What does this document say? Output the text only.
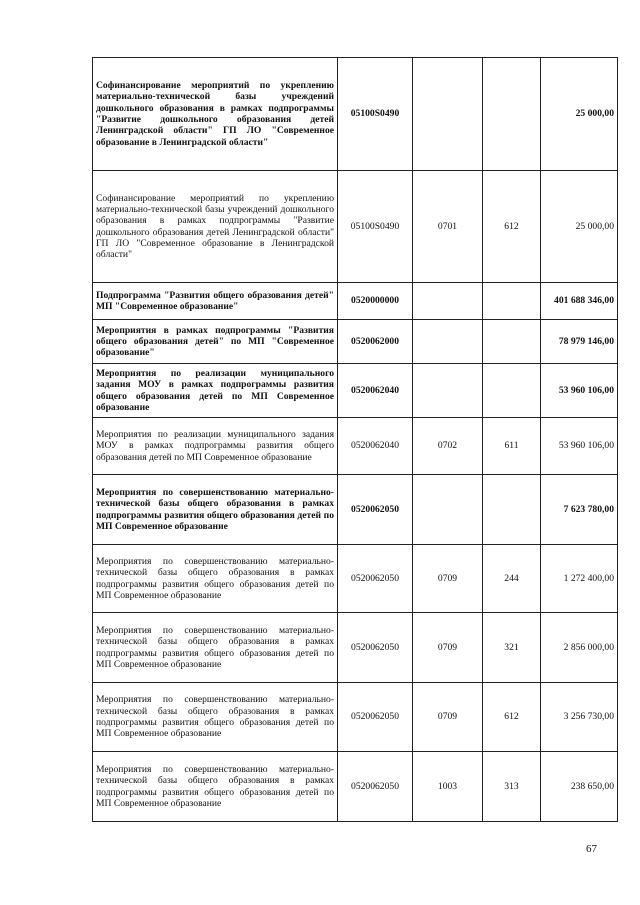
Софинансирование мероприятий по укреплению материально-технической базы учреждений дошкольного образования в рамках подпрограммы "Развитие дошкольного образования детей Ленинградской области" ГП ЛО "Современное образование в Ленинградской области"	05100S0490			25 000,00
Софинансирование мероприятий по укреплению материально-технической базы учреждений дошкольного образования в рамках подпрограммы "Развитие дошкольного образования детей Ленинградской области" ГП ЛО "Современное образование в Ленинградской области"	05100S0490	0701	612	25 000,00
Подпрограмма "Развития общего образования детей" МП "Современное образование"	0520000000			401 688 346,00
Мероприятия в рамках подпрограммы "Развития общего образования детей" по МП "Современное образование"	0520062000			78 979 146,00
Мероприятия по реализации муниципального задания МОУ в рамках подпрограммы развития общего образования детей по МП Современное образование	0520062040			53 960 106,00
Мероприятия по реализации муниципального задания МОУ в рамках подпрограммы развития общего образования детей по МП Современное образование	0520062040	0702	611	53 960 106,00
Мероприятия по совершенствованию материально-технической базы общего образования в рамках подпрограммы развития общего образования детей по МП Современное образование	0520062050			7 623 780,00
Мероприятия по совершенствованию материально-технической базы общего образования в рамках подпрограммы развития общего образования детей по МП Современное образование	0520062050	0709	244	1 272 400,00
Мероприятия по совершенствованию материально-технической базы общего образования в рамках подпрограммы развития общего образования детей по МП Современное образование	0520062050	0709	321	2 856 000,00
Мероприятия по совершенствованию материально-технической базы общего образования в рамках подпрограммы развития общего образования детей по МП Современное образование	0520062050	0709	612	3 256 730,00
Мероприятия по совершенствованию материально-технической базы общего образования в рамках подпрограммы развития общего образования детей по МП Современное образование	0520062050	1003	313	238 650,00
67
